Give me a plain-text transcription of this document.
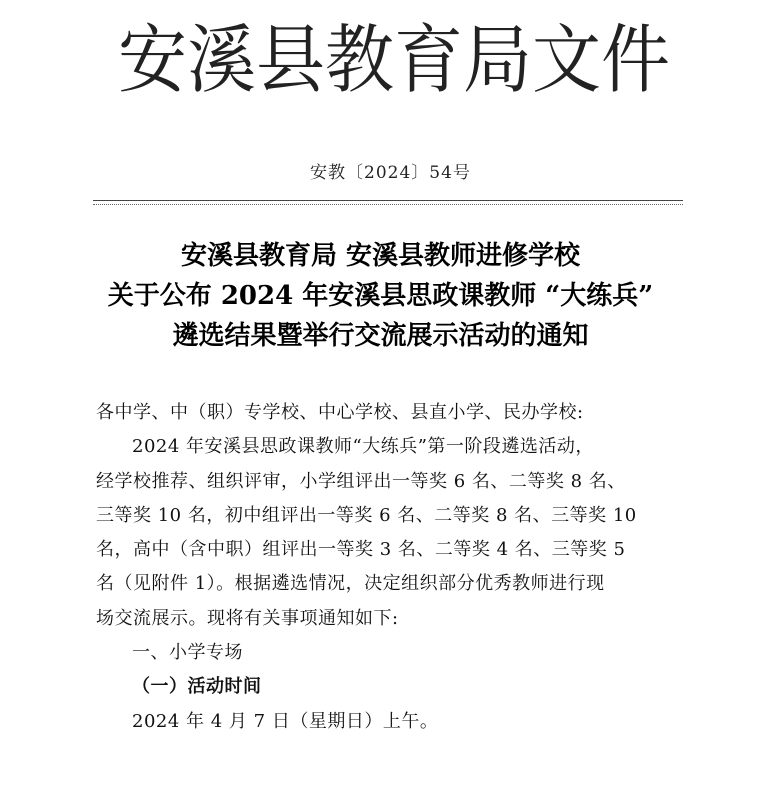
安 溪 县 教 育 局 文 件
安教〔2024〕54号
安溪县教育局 安溪县教师进修学校
关于公布 2024 年安溪县思政课教师 “大练兵”
遴选结果暨举行交流展示活动的通知

各中学、中（职）专学校、中心学校、县直小学、民办学校:

2024 年安溪县思政课教师“大练兵”第一阶段遴选活动，

经学校推荐、组织评审，小学组评出一等奖 6 名、二等奖 8 名、

三等奖 10 名，初中组评出一等奖 6 名、二等奖 8 名、三等奖 10

名，高中（含中职）组评出一等奖 3 名、二等奖 4 名、三等奖 5

名（见附件 1）。根据遴选情况，决定组织部分优秀教师进行现

场交流展示。现将有关事项通知如下:

一、小学专场

（一）活动时间

2024 年 4 月 7 日（星期日）上午。
